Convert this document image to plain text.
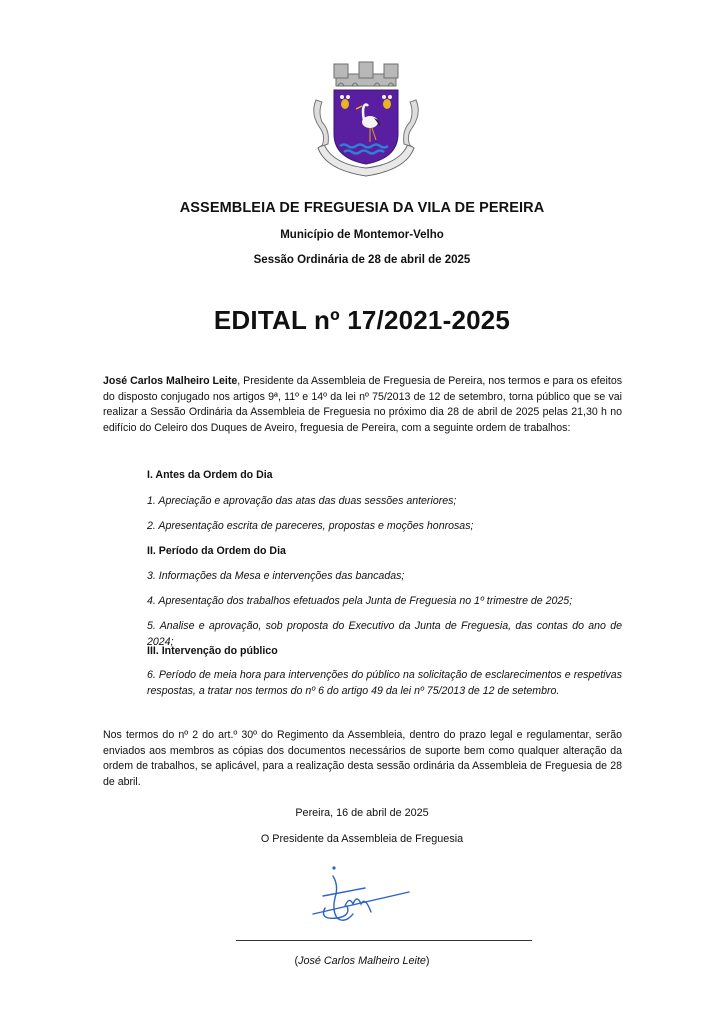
ASSEMBLEIA DE FREGUESIA DA VILA DE PEREIRA
Município de Montemor-Velho
Sessão Ordinária de 28 de abril de 2025
EDITAL nº 17/2021-2025
José Carlos Malheiro Leite, Presidente da Assembleia de Freguesia de Pereira, nos termos e para os efeitos do disposto conjugado nos artigos 9ª, 11º e 14º da lei nº 75/2013 de 12 de setembro, torna público que se vai realizar a Sessão Ordinária da Assembleia de Freguesia no próximo dia 28 de abril de 2025 pelas 21,30 h no edifício do Celeiro dos Duques de Aveiro, freguesia de Pereira, com a seguinte ordem de trabalhos:
I. Antes da Ordem do Dia
1. Apreciação e aprovação das atas das duas sessões anteriores;
2. Apresentação escrita de pareceres, propostas e moções honrosas;
II. Período da Ordem do Dia
3. Informações da Mesa e intervenções das bancadas;
4. Apresentação dos trabalhos efetuados pela Junta de Freguesia no 1º trimestre de 2025;
5. Analise e aprovação, sob proposta do Executivo da Junta de Freguesia, das contas do ano de 2024;
III. Intervenção do público
6. Período de meia hora para intervenções do público na solicitação de esclarecimentos e respetivas respostas, a tratar nos termos do nº 6 do artigo 49 da lei nº 75/2013 de 12 de setembro.
Nos termos do nº 2 do art.º 30º do Regimento da Assembleia, dentro do prazo legal e regulamentar, serão enviados aos membros as cópias dos documentos necessários de suporte bem como qualquer alteração da ordem de trabalhos, se aplicável, para a realização desta sessão ordinária da Assembleia de Freguesia de 28 de abril.
Pereira, 16 de abril de 2025
O Presidente da Assembleia de Freguesia
(José Carlos Malheiro Leite)
